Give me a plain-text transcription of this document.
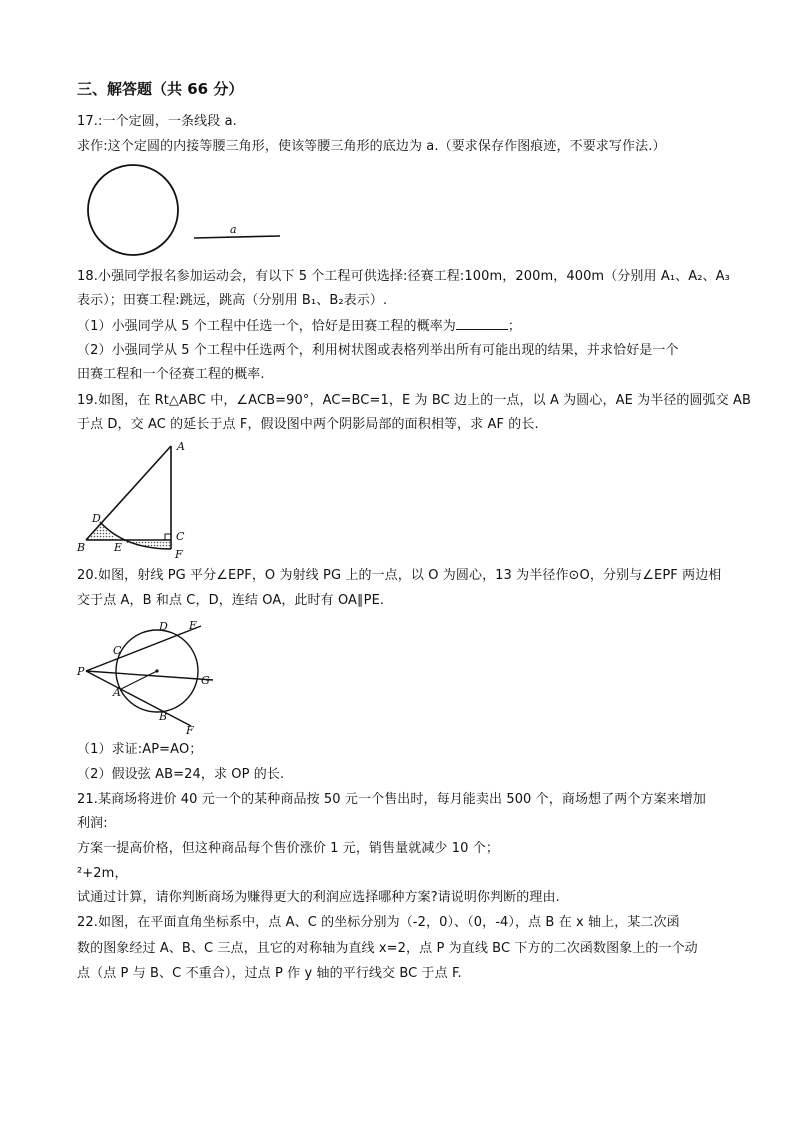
三、解答题（共 66 分）
17.:一个定圆，一条线段 a.
求作:这个定圆的内接等腰三角形，使该等腰三角形的底边为 a.（要求保存作图痕迹，不要求写作法.）
a
18.小强同学报名参加运动会，有以下 5 个工程可供选择:径赛工程:100m，200m，400m（分别用 A₁、A₂、A₃
表示）；田赛工程:跳远，跳高（分别用 B₁、B₂表示）.
（1）小强同学从 5 个工程中任选一个，恰好是田赛工程的概率为	；
（2）小强同学从 5 个工程中任选两个，利用树状图或表格列举出所有可能出现的结果，并求恰好是一个
田赛工程和一个径赛工程的概率.
19.如图，在 Rt△ABC 中，∠ACB=90°，AC=BC=1，E 为 BC 边上的一点，以 A 为圆心，AE 为半径的圆弧交 AB
于点 D，交 AC 的延长于点 F，假设图中两个阴影局部的面积相等，求 AF 的长.
A
B
C
D
E
F
20.如图，射线 PG 平分∠EPF，O 为射线 PG 上的一点，以 O 为圆心，13 为半径作⊙O，分别与∠EPF 两边相
交于点 A，B 和点 C，D，连结 OA，此时有 OA∥PE.
P
C
D E
G
A
B
F
（1）求证:AP=AO；
（2）假设弦 AB=24，求 OP 的长.
21.某商场将进价 40 元一个的某种商品按 50 元一个售出时，每月能卖出 500 个，商场想了两个方案来增加
利润:
方案一提高价格，但这种商品每个售价涨价 1 元，销售量就减少 10 个；
²+2m，
试通过计算，请你判断商场为赚得更大的利润应选择哪种方案?请说明你判断的理由.
22.如图，在平面直角坐标系中，点 A、C 的坐标分别为（-2，0）、（0，-4），点 B 在 x 轴上，某二次函
数的图象经过 A、B、C 三点，且它的对称轴为直线 x=2，点 P 为直线 BC 下方的二次函数图象上的一个动
点（点 P 与 B、C 不重合），过点 P 作 y 轴的平行线交 BC 于点 F.
